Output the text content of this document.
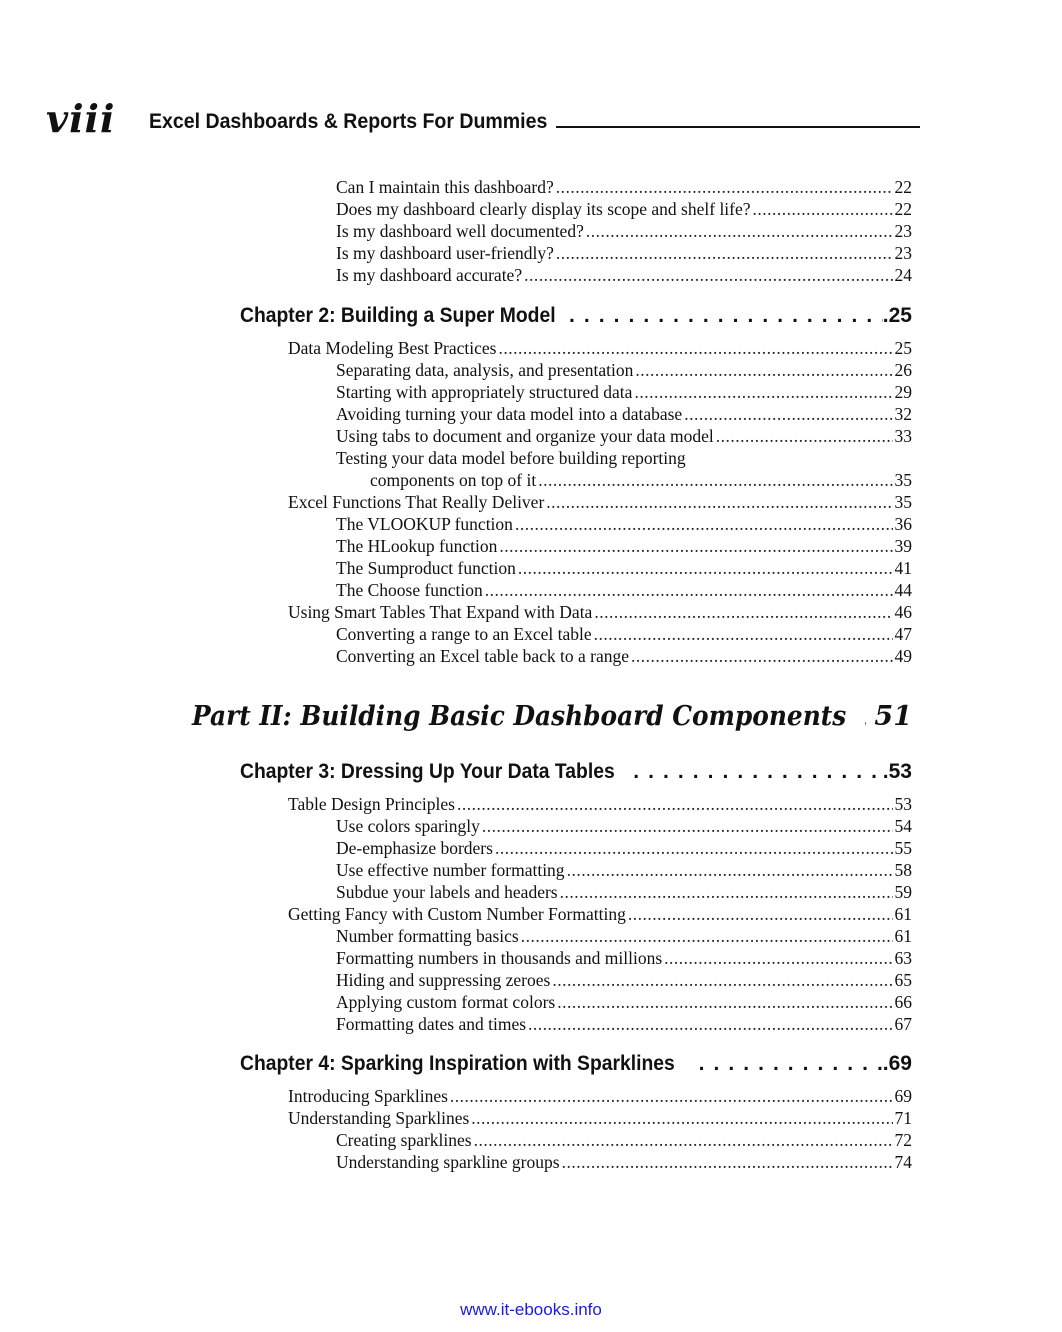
viii Excel Dashboards & Reports For Dummies
Can I maintain this dashboard? .....	22
Does my dashboard clearly display its scope and shelf life? .....	22
Is my dashboard well documented? .....	23
Is my dashboard user-friendly? .....	23
Is my dashboard accurate? .....	24
Chapter 2: Building a Super Model . . .	.25
Data Modeling Best Practices .....	25
Separating data, analysis, and presentation .....	26
Starting with appropriately structured data .....	29
Avoiding turning your data model into a database .....	32
Using tabs to document and organize your data model .....	33
Testing your data model before building reporting
components on top of it .....	35
Excel Functions That Really Deliver .....	35
The VLOOKUP function .....	36
The HLookup function .....	39
The Sumproduct function .....	41
The Choose function .....	44
Using Smart Tables That Expand with Data .....	46
Converting a range to an Excel table .....	47
Converting an Excel table back to a range .....	49
Part II: Building Basic Dashboard Components ..... 51
Chapter 3: Dressing Up Your Data Tables . . .	.53
Table Design Principles .....	53
Use colors sparingly .....	54
De-emphasize borders .....	55
Use effective number formatting .....	58
Subdue your labels and headers .....	59
Getting Fancy with Custom Number Formatting .....	61
Number formatting basics .....	61
Formatting numbers in thousands and millions .....	63
Hiding and suppressing zeroes .....	65
Applying custom format colors .....	66
Formatting dates and times .....	67
Chapter 4: Sparking Inspiration with Sparklines . . .	.69
Introducing Sparklines .....	69
Understanding Sparklines .....	71
Creating sparklines .....	72
Understanding sparkline groups .....	74
www.it-ebooks.info
